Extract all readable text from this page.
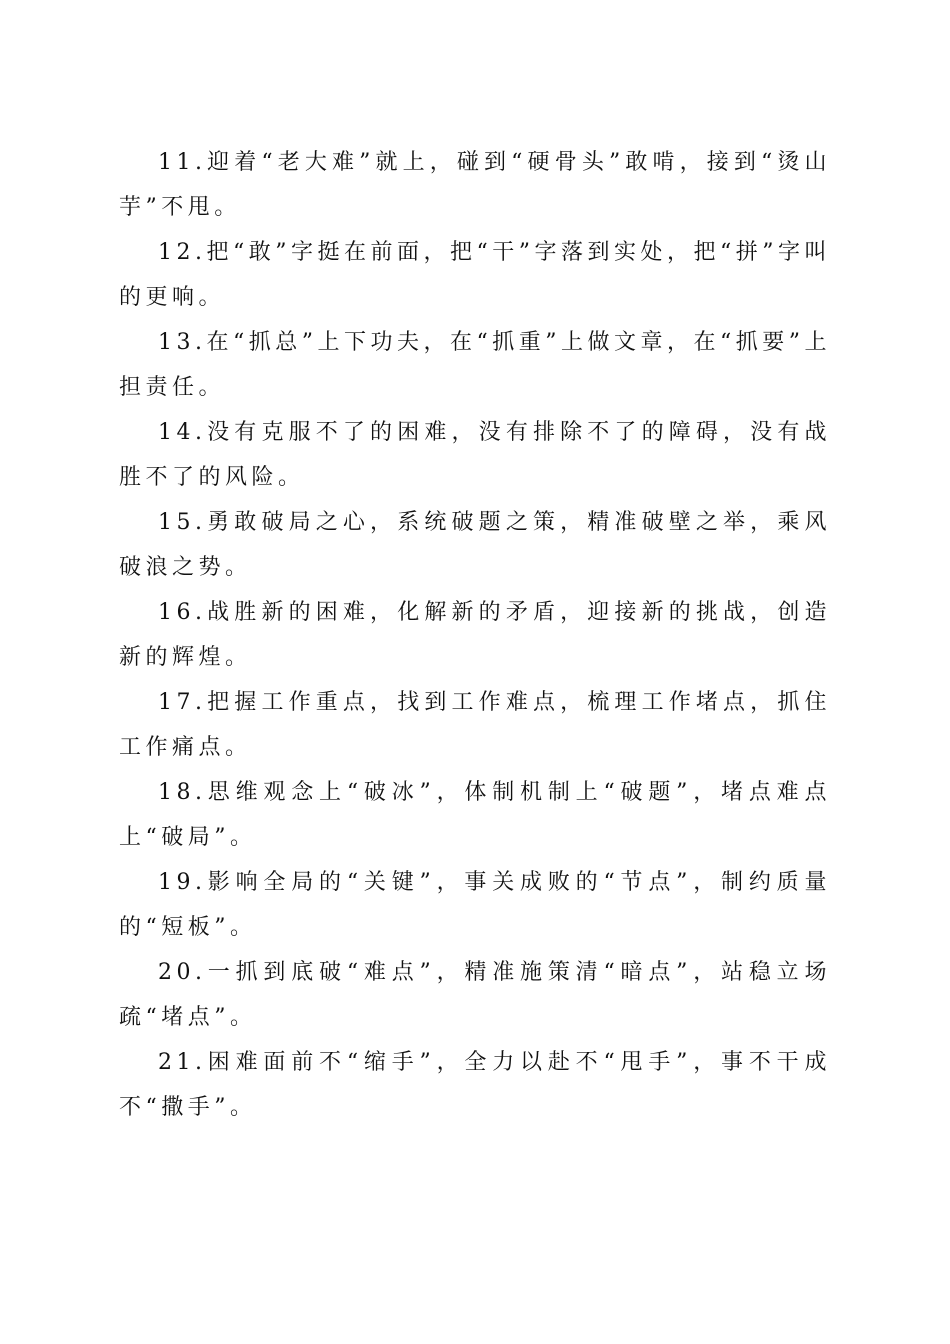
11.迎着“老大难”就上，碰到“硬骨头”敢啃，接到“烫山芋”不甩。

12.把“敢”字挺在前面，把“干”字落到实处，把“拼”字叫的更响。

13.在“抓总”上下功夫，在“抓重”上做文章，在“抓要”上担责任。

14.没有克服不了的困难，没有排除不了的障碍，没有战胜不了的风险。

15.勇敢破局之心，系统破题之策，精准破壁之举，乘风破浪之势。

16.战胜新的困难，化解新的矛盾，迎接新的挑战，创造新的辉煌。

17.把握工作重点，找到工作难点，梳理工作堵点，抓住工作痛点。

18.思维观念上“破冰”，体制机制上“破题”，堵点难点上“破局”。

19.影响全局的“关键”，事关成败的“节点”，制约质量的“短板”。

20.一抓到底破“难点”，精准施策清“暗点”，站稳立场疏“堵点”。

21.困难面前不“缩手”，全力以赴不“甩手”，事不干成不“撒手”。
